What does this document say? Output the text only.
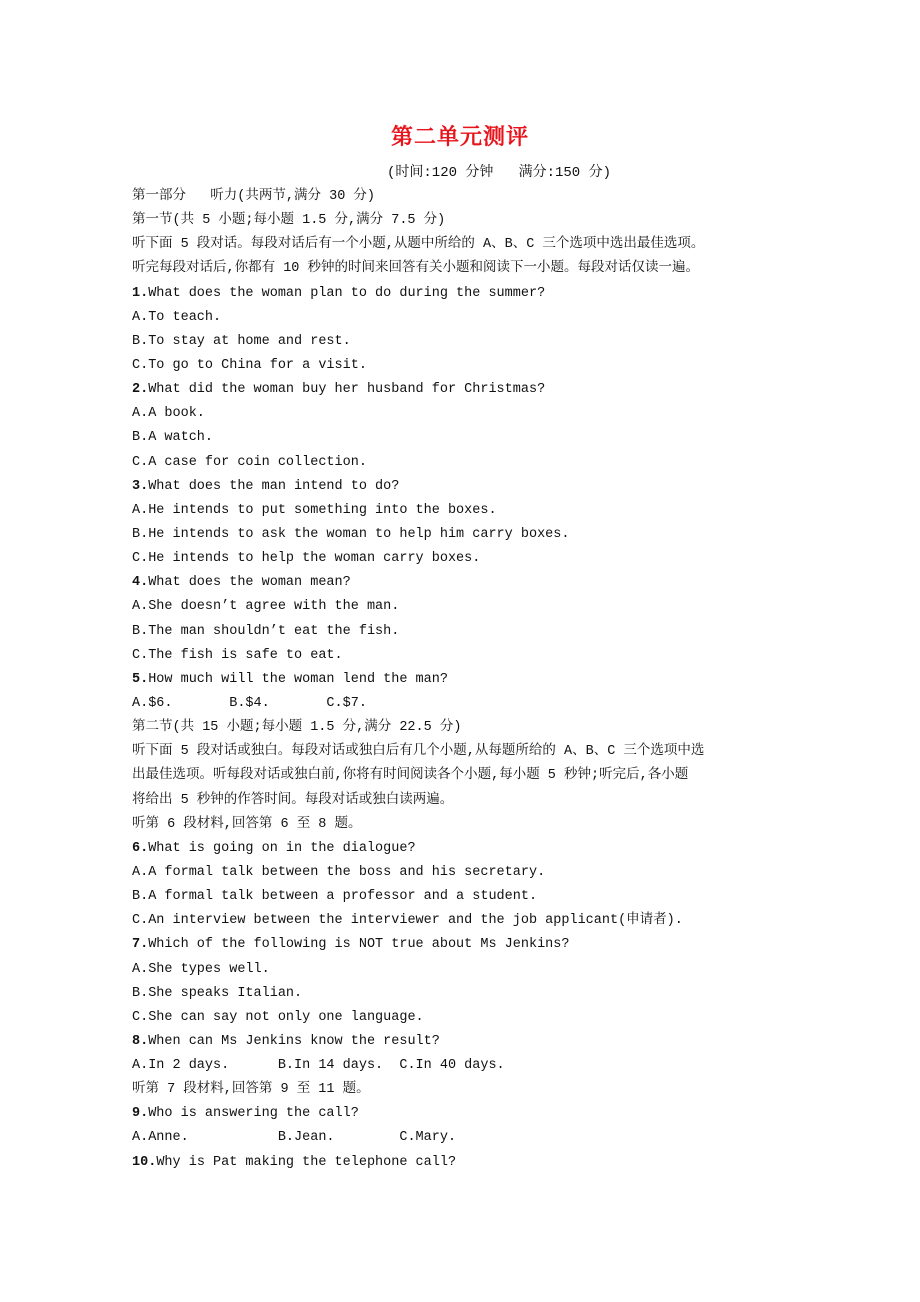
第二单元测评
(时间:120 分钟   满分:150 分)
第一部分   听力(共两节,满分 30 分)
第一节(共 5 小题;每小题 1.5 分,满分 7.5 分)
听下面 5 段对话。每段对话后有一个小题,从题中所给的 A、B、C 三个选项中选出最佳选项。
听完每段对话后,你都有 10 秒钟的时间来回答有关小题和阅读下一小题。每段对话仅读一遍。
1.What does the woman plan to do during the summer?
A.To teach.
B.To stay at home and rest.
C.To go to China for a visit.
2.What did the woman buy her husband for Christmas?
A.A book.
B.A watch.
C.A case for coin collection.
3.What does the man intend to do?
A.He intends to put something into the boxes.
B.He intends to ask the woman to help him carry boxes.
C.He intends to help the woman carry boxes.
4.What does the woman mean?
A.She doesn’t agree with the man.
B.The man shouldn’t eat the fish.
C.The fish is safe to eat.
5.How much will the woman lend the man?
A.$6.       B.$4.       C.$7.
第二节(共 15 小题;每小题 1.5 分,满分 22.5 分)
听下面 5 段对话或独白。每段对话或独白后有几个小题,从每题所给的 A、B、C 三个选项中选
出最佳选项。听每段对话或独白前,你将有时间阅读各个小题,每小题 5 秒钟;听完后,各小题
将给出 5 秒钟的作答时间。每段对话或独白读两遍。
听第 6 段材料,回答第 6 至 8 题。
6.What is going on in the dialogue?
A.A formal talk between the boss and his secretary.
B.A formal talk between a professor and a student.
C.An interview between the interviewer and the job applicant(申请者).
7.Which of the following is NOT true about Ms Jenkins?
A.She types well.
B.She speaks Italian.
C.She can say not only one language.
8.When can Ms Jenkins know the result?
A.In 2 days.      B.In 14 days.  C.In 40 days.
听第 7 段材料,回答第 9 至 11 题。
9.Who is answering the call?
A.Anne.           B.Jean.        C.Mary.
10.Why is Pat making the telephone call?
